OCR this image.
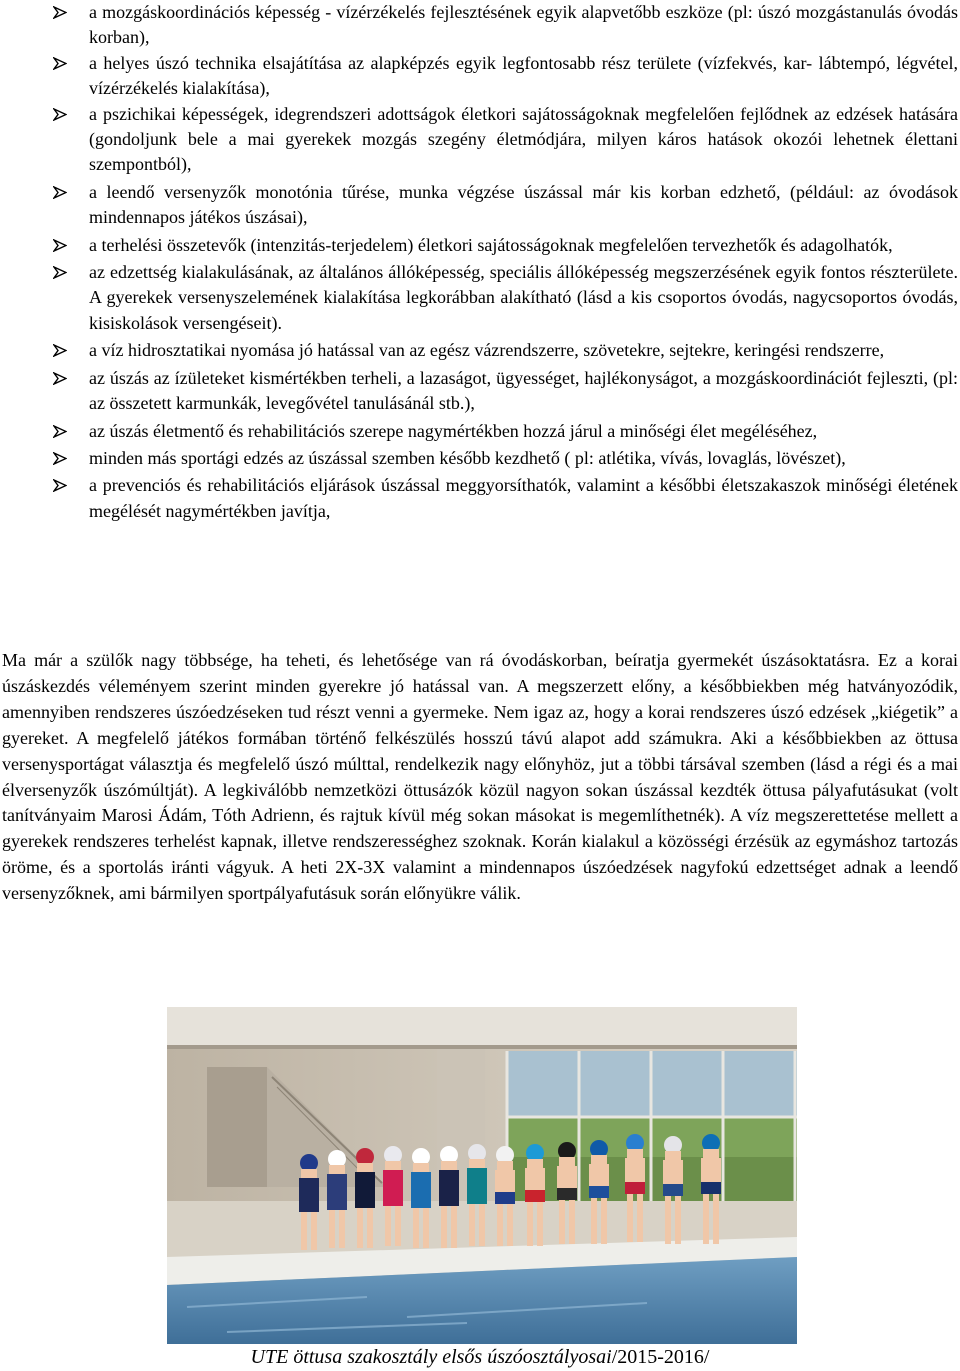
a mozgáskoordinációs képesség - vízérzékelés fejlesztésének egyik alapvetőbb eszköze (pl: úszó mozgástanulás óvodás korban),
a helyes úszó technika elsajátítása az alapképzés egyik legfontosabb rész területe (vízfekvés, kar- lábtempó, légvétel, vízérzékelés kialakítása),
a pszichikai képességek, idegrendszeri adottságok életkori sajátosságoknak megfelelően fejlődnek az edzések hatására (gondoljunk bele a mai gyerekek mozgás szegény életmódjára, milyen káros hatások okozói lehetnek élettani szempontból),
a leendő versenyzők monotónia tűrése, munka végzése úszással már kis korban edzhető, (például: az óvodások mindennapos játékos úszásai),
a terhelési összetevők (intenzitás-terjedelem) életkori sajátosságoknak megfelelően tervezhetők és adagolhatók,
az edzettség kialakulásának, az általános állóképesség, speciális állóképesség megszerzésének egyik fontos részterülete. A gyerekek versenyszelemének kialakítása legkorábban alakítható (lásd a kis csoportos óvodás, nagycsoportos óvodás, kisiskolások versengéseit).
a víz hidrosztatikai nyomása jó hatással van az egész vázrendszerre, szövetekre, sejtekre, keringési rendszerre,
az úszás az ízületeket kismértékben terheli, a lazaságot, ügyességet, hajlékonyságot, a mozgáskoordinációt fejleszti, (pl: az összetett karmunkák, levegővétel tanulásánál stb.),
az úszás életmentő és rehabilitációs szerepe nagymértékben hozzá járul a minőségi élet megéléséhez,
minden más sportági edzés az úszással szemben később kezdhető ( pl: atlétika, vívás, lovaglás, lövészet),
a prevenciós és rehabilitációs eljárások úszással meggyorsíthatók, valamint a későbbi életszakaszok minőségi életének megélését nagymértékben javítja,

Ma már a szülők nagy többsége, ha teheti, és lehetősége van rá óvodáskorban, beíratja gyermekét úszásoktatásra. Ez a korai úszáskezdés véleményem szerint minden gyerekre jó hatással van. A megszerzett előny, a későbbiekben még hatványozódik, amennyiben rendszeres úszóedzéseken tud részt venni a gyermeke. Nem igaz az, hogy a korai rendszeres úszó edzések „kiégetik” a gyereket. A megfelelő játékos formában történő felkészülés hosszú távú alapot add számukra. Aki a későbbiekben az öttusa versenysportágat választja és megfelelő úszó múlttal, rendelkezik nagy előnyhöz, jut a többi társával szemben (lásd a régi és a mai élversenyzők úszómúltját). A legkiválóbb nemzetközi öttusázók közül nagyon sokan úszással kezdték öttusa pályafutásukat (volt tanítványaim Marosi Ádám, Tóth Adrienn, és rajtuk kívül még sokan másokat is megemlíthetnék). A víz megszerettetése mellett a gyerekek rendszeres terhelést kapnak, illetve rendszerességhez szoknak. Korán kialakul a közösségi érzésük az egymáshoz tartozás öröme, és a sportolás iránti vágyuk. A heti 2X-3X valamint a mindennapos úszóedzések nagyfokú edzettséget adnak a leendő versenyzőknek, ami bármilyen sportpályafutásuk során előnyükre válik.

UTE öttusa szakosztály elsős úszóosztályosai/2015-2016/
